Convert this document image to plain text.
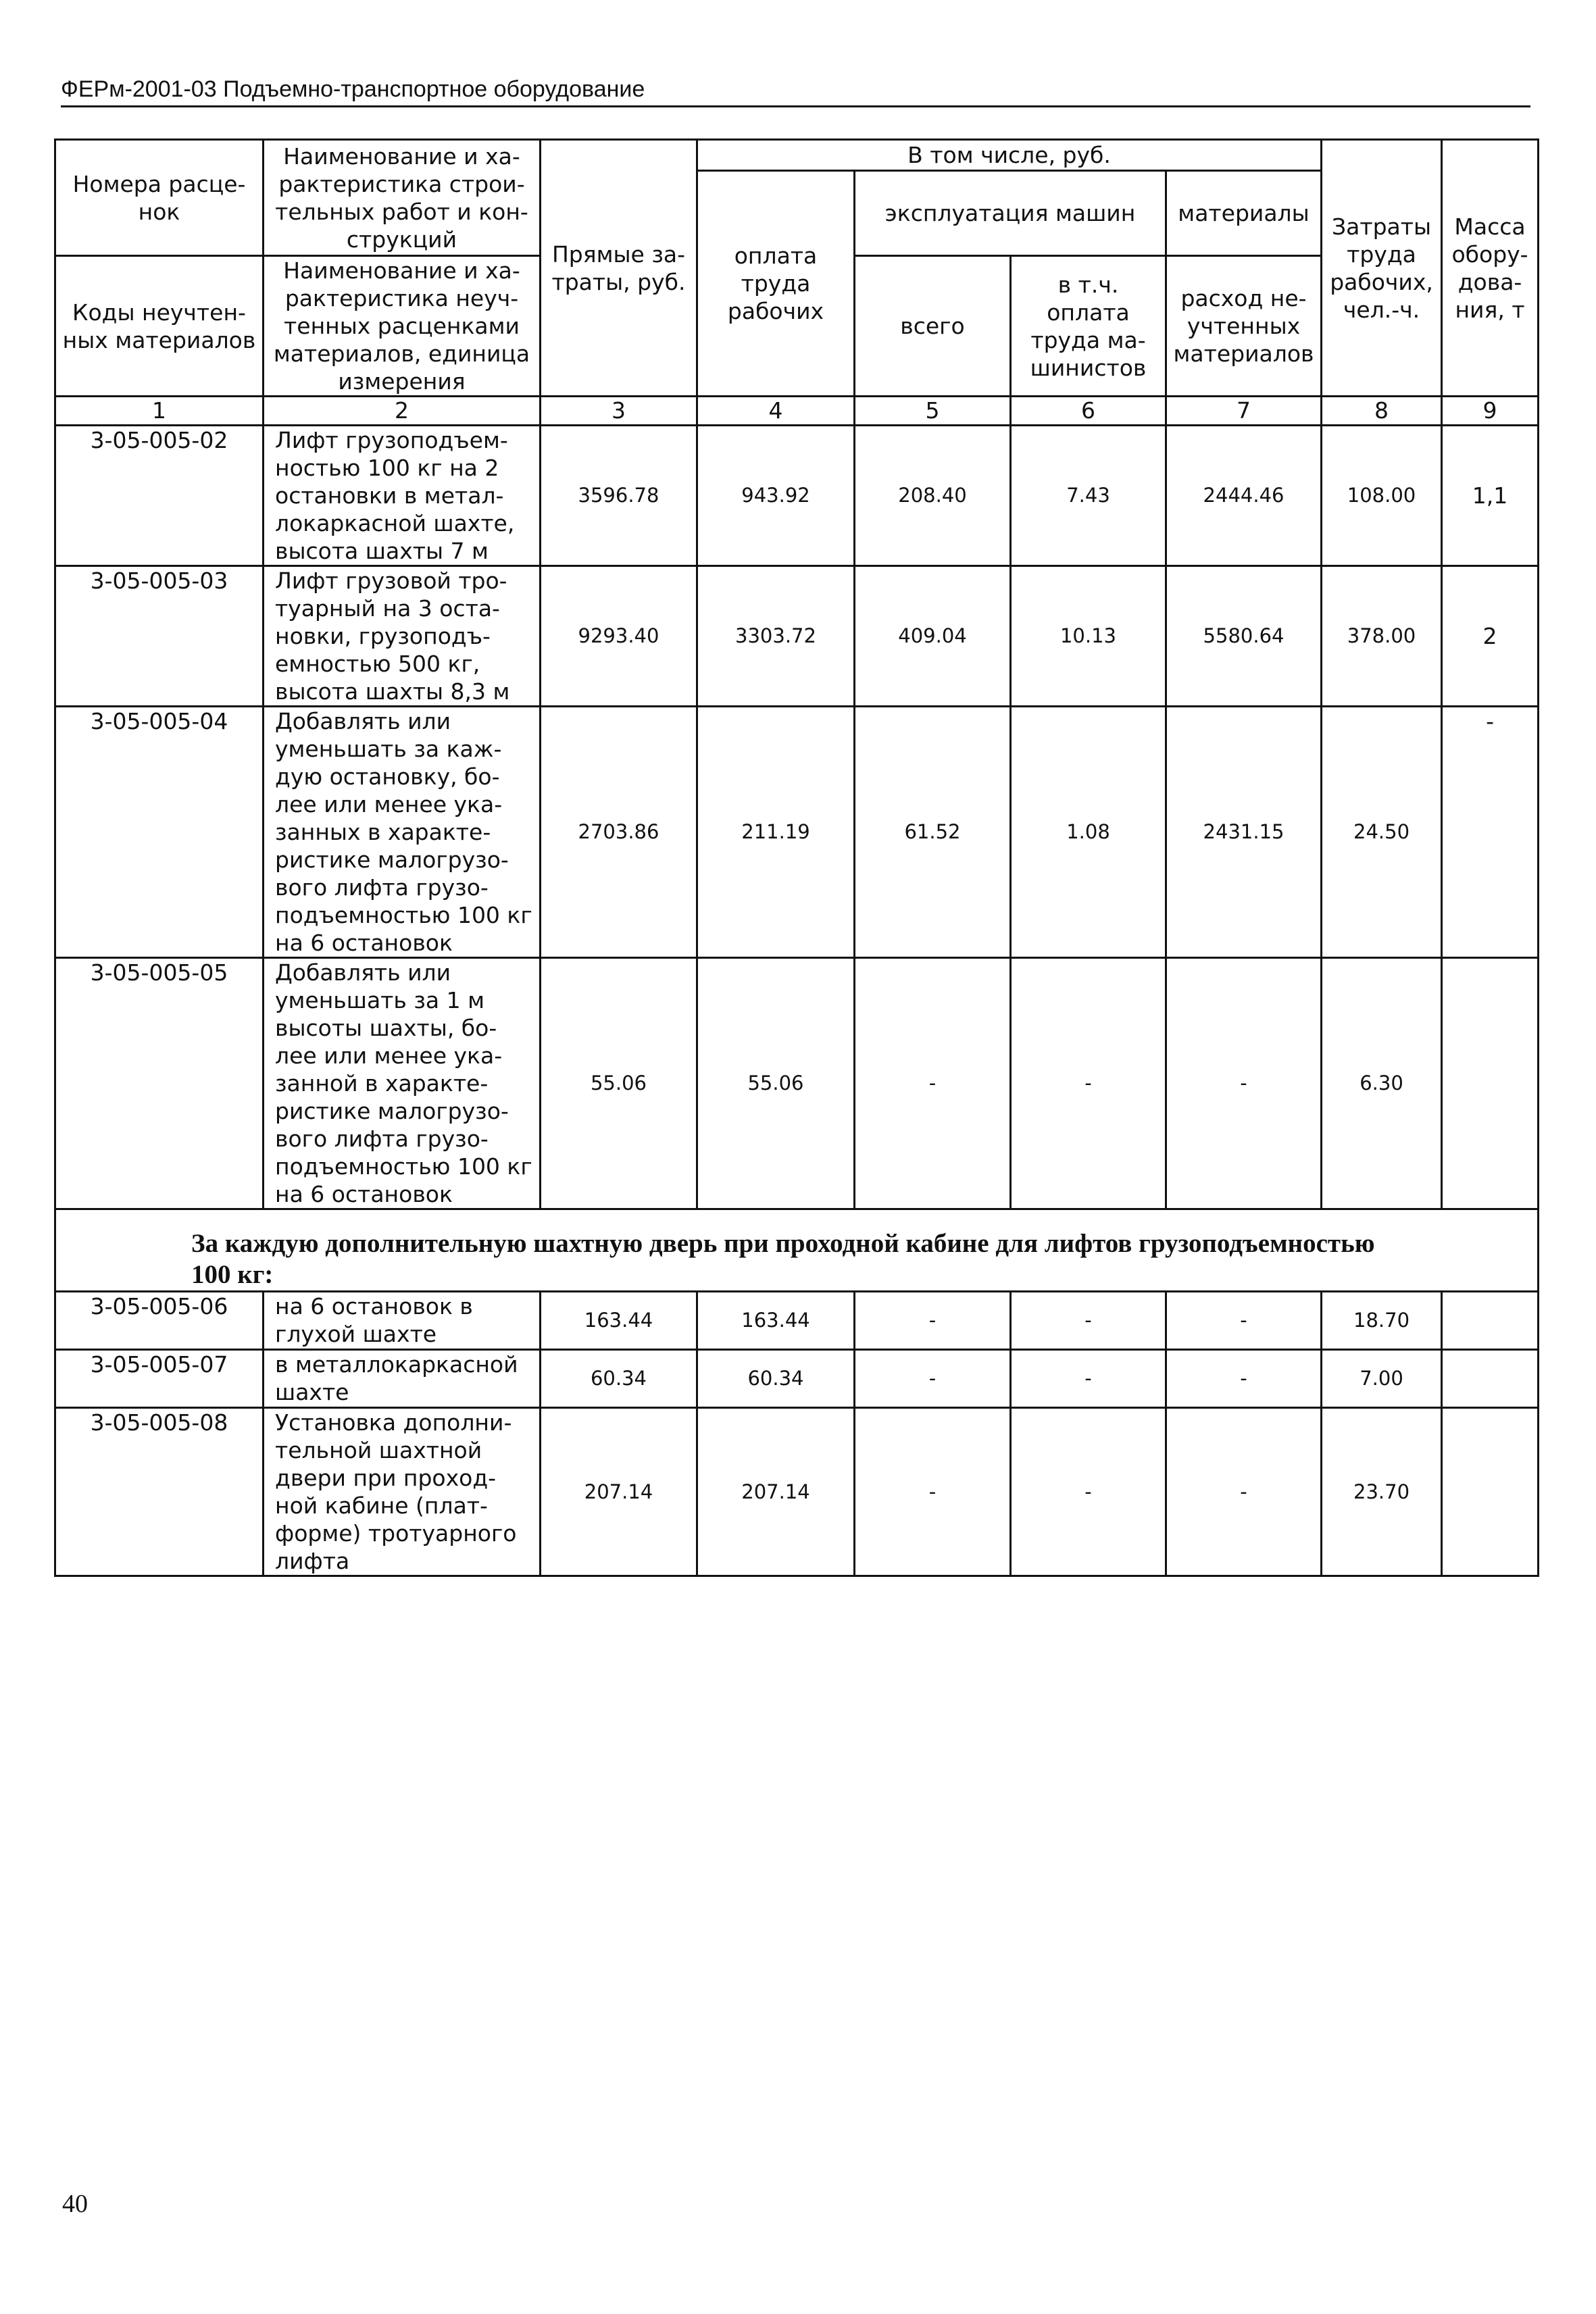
ФЕРм-2001-03 Подъемно-транспортное оборудование
Номера расце-нок	Наименование и ха-рактеристика строи-тельных работ и кон-струкций	Прямые за-траты, руб.	В том числе, руб.				Затраты труда рабочих, чел.-ч.	Масса обору-дова-ния, т
			оплата труда рабочих	эксплуатация машин		материалы		

Коды неучтен-ных материалов	Наименование и ха-рактеристика неуч-тенных расценками материалов, единица измерения			всего	в т.ч. оплата труда ма-шинистов	расход не-учтенных материалов		

1	2	3	4	5	6	7	8	9
3-05-005-02	Лифт грузоподъем-ностью 100 кг на 2 остановки в метал-локаркасной шахте, высота шахты 7 м	3596.78	943.92	208.40	7.43	2444.46	108.00	1,1
3-05-005-03	Лифт грузовой тро-туарный на 3 оста-новки, грузоподъ-емностью 500 кг, высота шахты 8,3 м	9293.40	3303.72	409.04	10.13	5580.64	378.00	2
3-05-005-04	Добавлять или уменьшать за каж-дую остановку, бо-лее или менее ука-занных в характе-ристике малогрузо-вого лифта грузо-подъемностью 100 кг на 6 остановок	2703.86	211.19	61.52	1.08	2431.15	24.50	-
3-05-005-05	Добавлять или уменьшать за 1 м высоты шахты, бо-лее или менее ука-занной в характе-ристике малогрузо-вого лифта грузо-подъемностью 100 кг на 6 остановок	55.06	55.06	-	-	-	6.30	
За каждую дополнительную шахтную дверь при проходной кабине для лифтов грузоподъемностью

100 кг:								

3-05-005-06	на 6 остановок в глухой шахте	163.44	163.44	-	-	-	18.70	
3-05-005-07	в металлокаркасной шахте	60.34	60.34	-	-	-	7.00	
3-05-005-08	Установка дополни-тельной шахтной двери при проход-ной кабине (плат-форме) тротуарного лифта	207.14	207.14	-	-	-	23.70	
40
